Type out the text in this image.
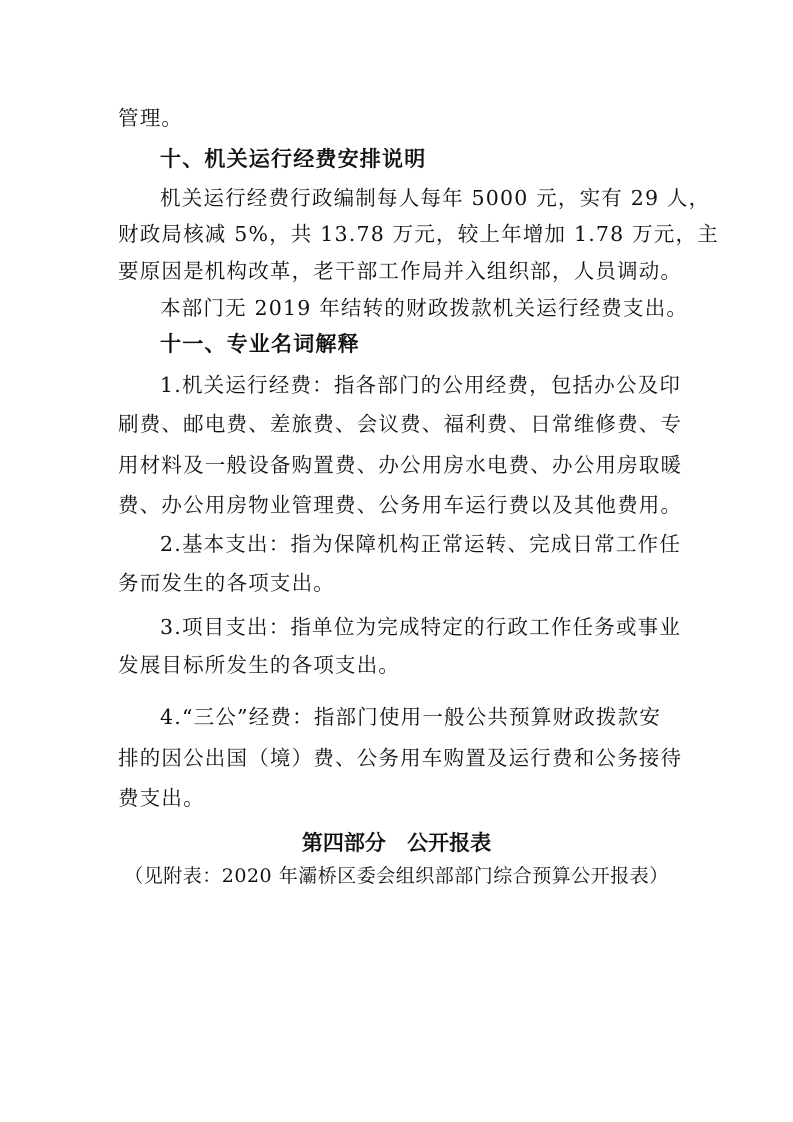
管理。

十、机关运行经费安排说明

机关运行经费行政编制每人每年 5000 元，实有 29 人，

财政局核减 5%，共 13.78 万元，较上年增加 1.78 万元，主

要原因是机构改革，老干部工作局并入组织部，人员调动。

本部门无 2019 年结转的财政拨款机关运行经费支出。

十一、专业名词解释

1.机关运行经费：指各部门的公用经费，包括办公及印

刷费、邮电费、差旅费、会议费、福利费、日常维修费、专

用材料及一般设备购置费、办公用房水电费、办公用房取暖

费、办公用房物业管理费、公务用车运行费以及其他费用。

2.基本支出：指为保障机构正常运转、完成日常工作任

务而发生的各项支出。

3.项目支出：指单位为完成特定的行政工作任务或事业

发展目标所发生的各项支出。

4.“三公”经费：指部门使用一般公共预算财政拨款安

排的因公出国（境）费、公务用车购置及运行费和公务接待

费支出。

第四部分 公开报表

（见附表：2020 年灞桥区委会组织部部门综合预算公开报表）
